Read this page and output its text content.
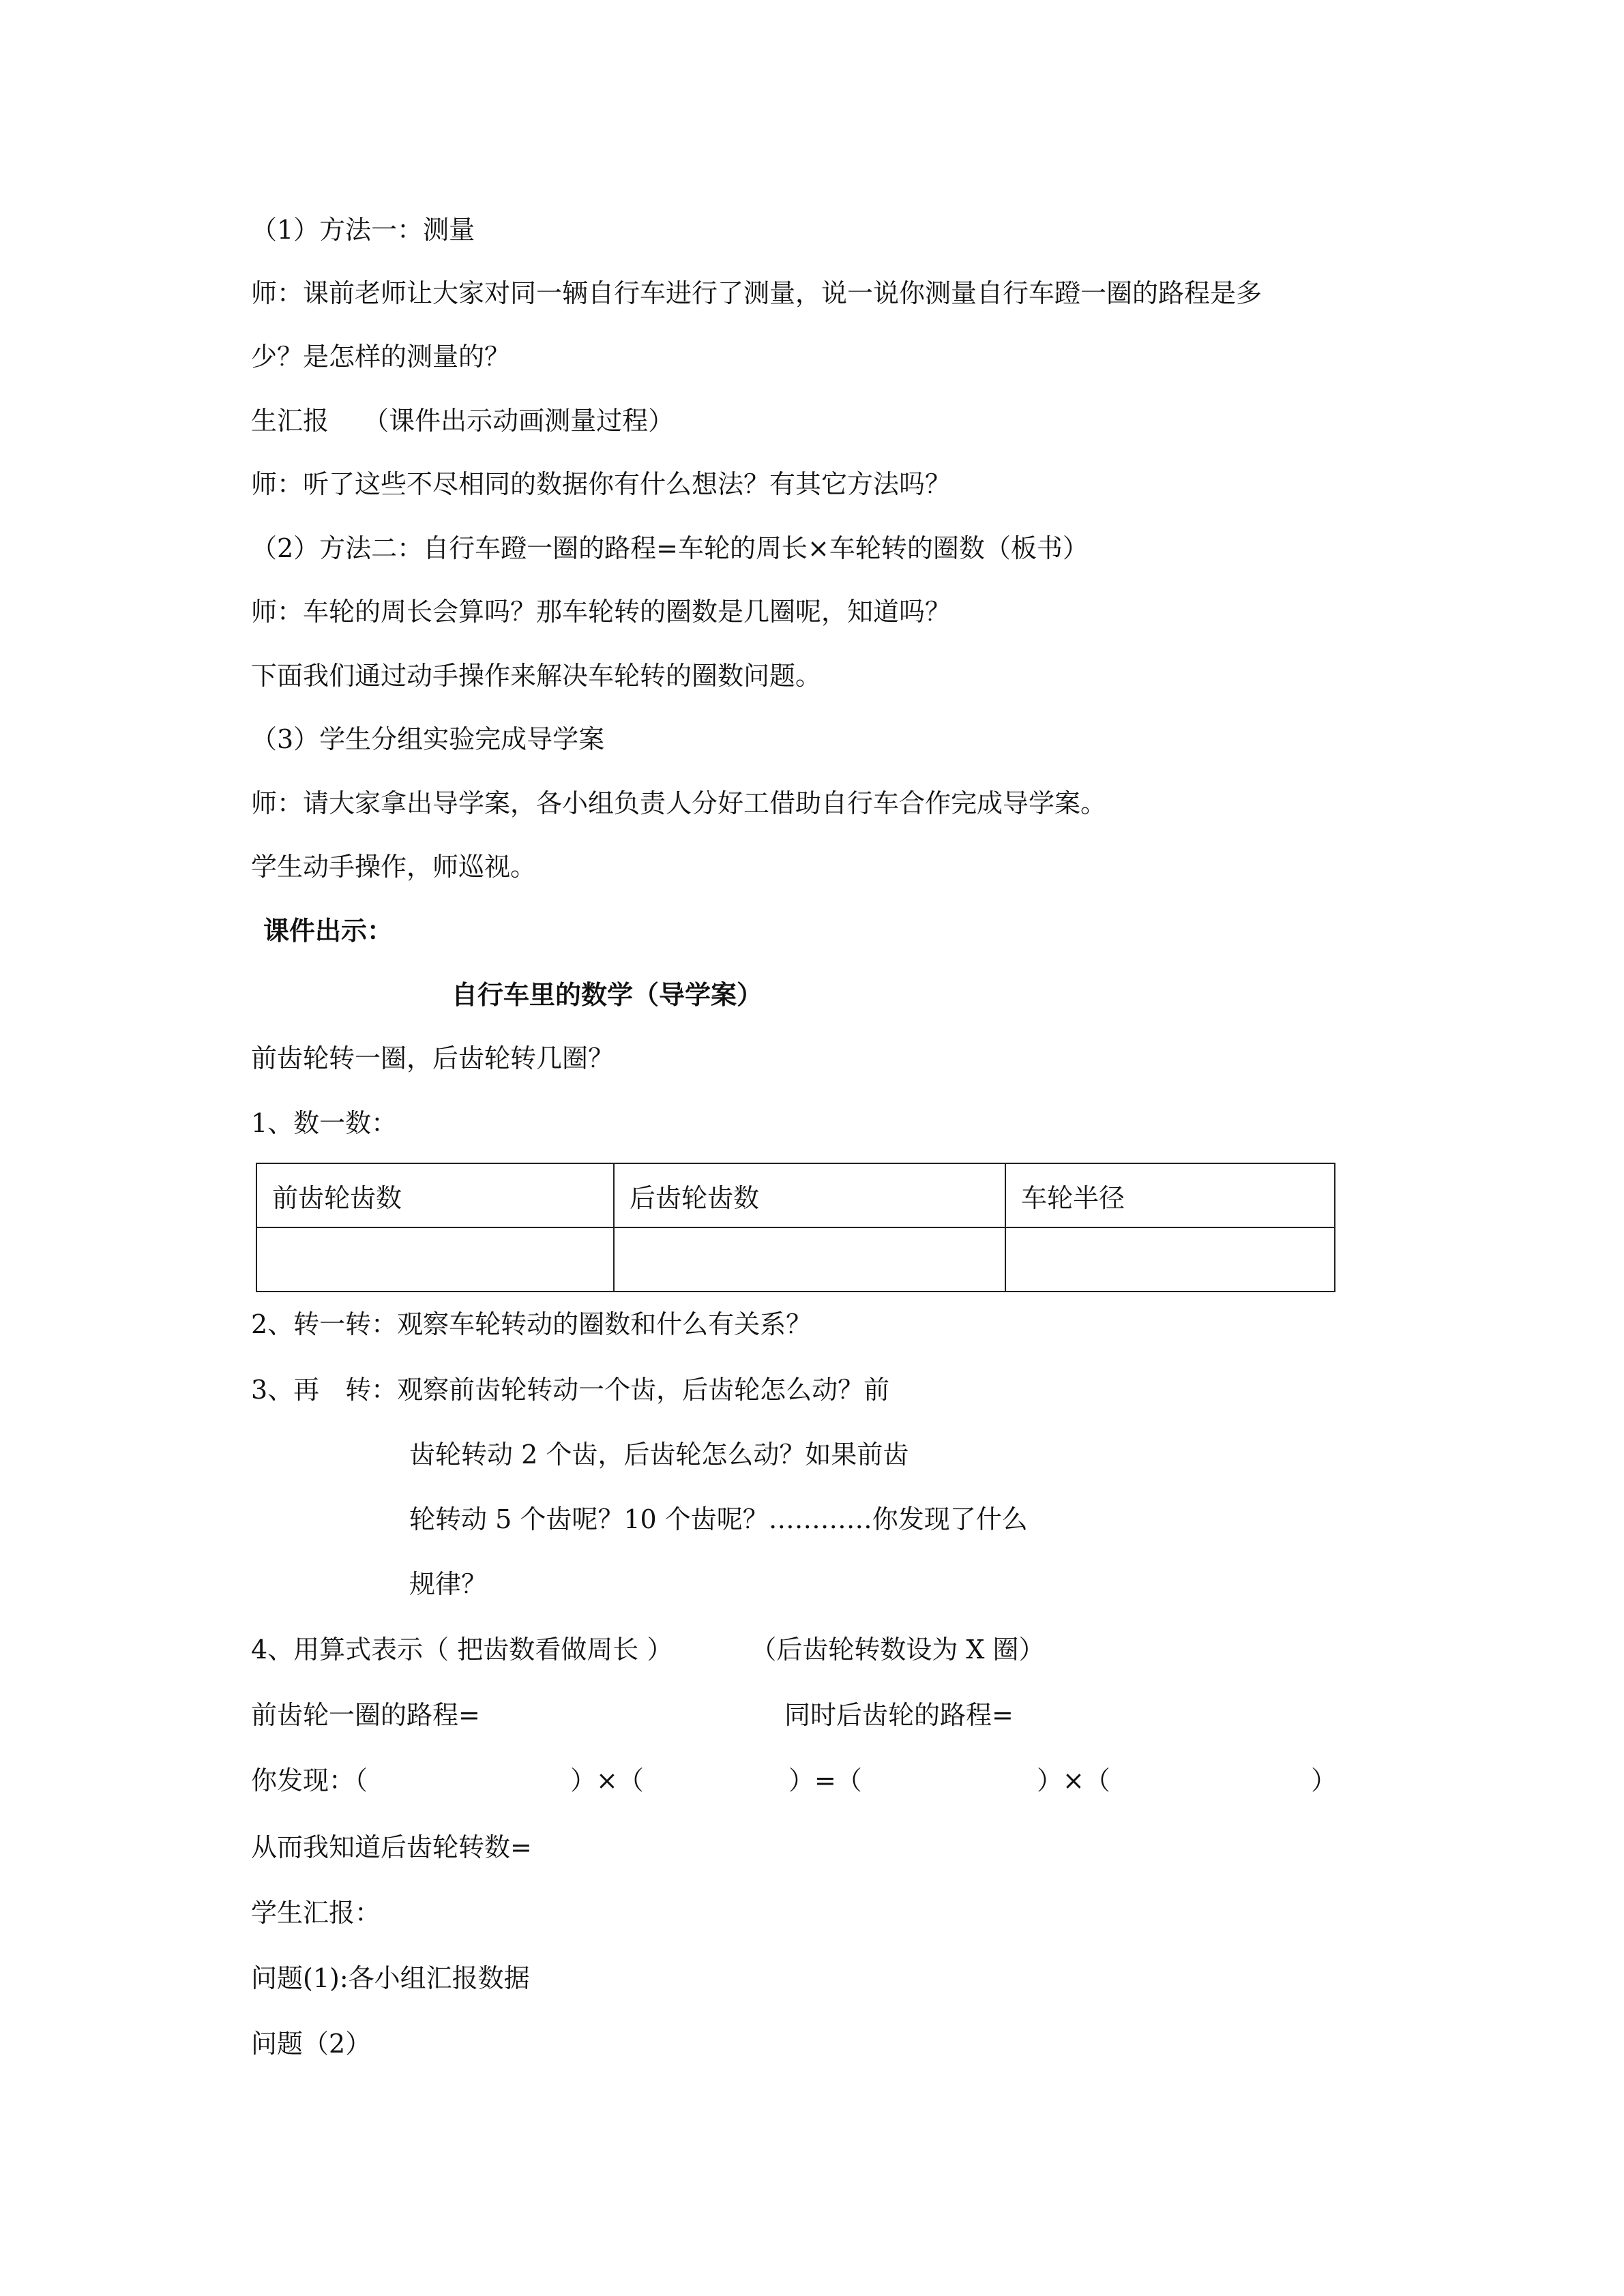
（1）方法一：测量
师：课前老师让大家对同一辆自行车进行了测量，说一说你测量自行车蹬一圈的路程是多
少？是怎样的测量的？
生汇报　 （课件出示动画测量过程）
师：听了这些不尽相同的数据你有什么想法？有其它方法吗？
（2）方法二：自行车蹬一圈的路程=车轮的周长×车轮转的圈数（板书）
师：车轮的周长会算吗？那车轮转的圈数是几圈呢，知道吗？
下面我们通过动手操作来解决车轮转的圈数问题。
（3）学生分组实验完成导学案
师：请大家拿出导学案，各小组负责人分好工借助自行车合作完成导学案。
学生动手操作，师巡视。
课件出示：
自行车里的数学（导学案）
前齿轮转一圈，后齿轮转几圈？
1、数一数：
前齿轮齿数	后齿轮齿数	车轮半径

2、转一转：观察车轮转动的圈数和什么有关系？
3、再　转：观察前齿轮转动一个齿，后齿轮怎么动？前
齿轮转动 2 个齿，后齿轮怎么动？如果前齿
轮转动 5 个齿呢？10 个齿呢？…………你发现了什么
规律？
4、用算式表示（ 把齿数看做周长 ）　　　　（后齿轮转数设为 X 圈）
前齿轮一圈的路程=	同时后齿轮的路程=
你发现：（	）×（	）=（	）×（	）
从而我知道后齿轮转数=
学生汇报：
问题(1):各小组汇报数据
问题（2）
